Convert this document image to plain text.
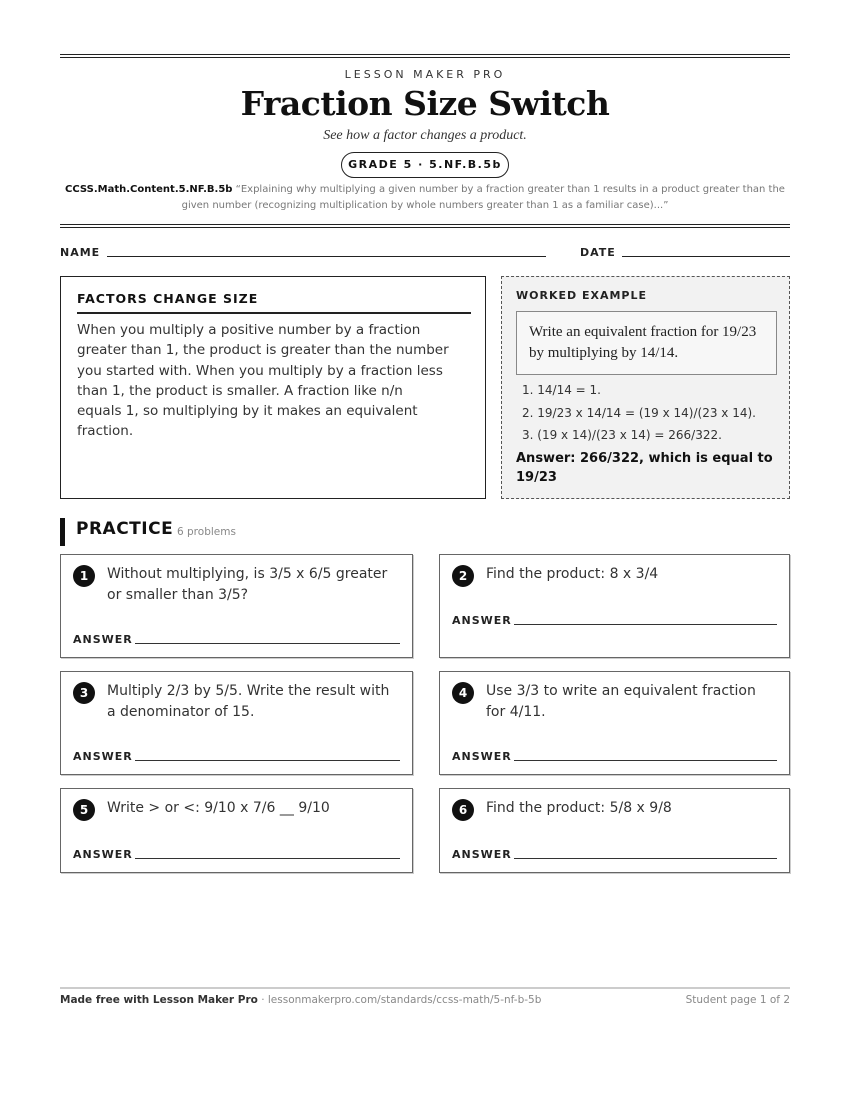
LESSON MAKER PRO
Fraction Size Switch
See how a factor changes a product.
GRADE 5 · 5.NF.B.5b
CCSS.Math.Content.5.NF.B.5b “Explaining why multiplying a given number by a fraction greater than 1 results in a product greater than the given number (recognizing multiplication by whole numbers greater than 1 as a familiar case)...”
NAME	DATE
FACTORS CHANGE SIZE
When you multiply a positive number by a fraction greater than 1, the product is greater than the number you started with. When you multiply by a fraction less than 1, the product is smaller. A fraction like n/n equals 1, so multiplying by it makes an equivalent fraction.
WORKED EXAMPLE
Write an equivalent fraction for 19/23 by multiplying by 14/14.
1. 14/14 = 1.
2. 19/23 x 14/14 = (19 x 14)/(23 x 14).
3. (19 x 14)/(23 x 14) = 266/322.
Answer: 266/322, which is equal to 19/23
PRACTICE 6 problems
1	Without multiplying, is 3/5 x 6/5 greater or smaller than 3/5?
ANSWER
2	Find the product: 8 x 3/4
ANSWER
3	Multiply 2/3 by 5/5. Write the result with a denominator of 15.
ANSWER
4	Use 3/3 to write an equivalent fraction for 4/11.
ANSWER
5	Write > or <: 9/10 x 7/6 __ 9/10
ANSWER
6	Find the product: 5/8 x 9/8
ANSWER
Made free with Lesson Maker Pro · lessonmakerpro.com/standards/ccss-math/5-nf-b-5b	Student page 1 of 2
